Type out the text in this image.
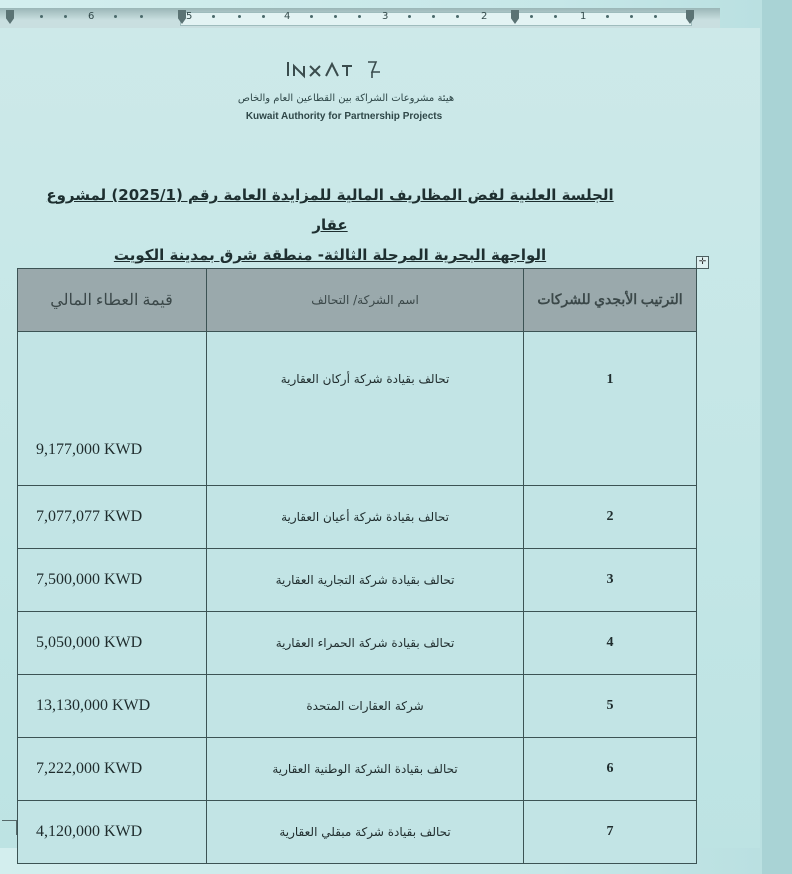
6	5	4	3	2	1
هيئة مشروعات الشراكة بين القطاعين العام والخاص
Kuwait Authority for Partnership Projects
الجلسة العلنية لفض المظاريف المالية للمزايدة العامة رقم (2025/1) لمشروع عقار
الواجهة البحرية المرحلة الثالثة- منطقة شرق بمدينة الكويت	✛
الترتيب الأبجدي للشركات	اسم الشركة/ التحالف	قيمة العطاء المالي
1	تحالف بقيادة شركة أركان العقارية	9,177,000 KWD
2	تحالف بقيادة شركة أعيان العقارية	7,077,077 KWD
3	تحالف بقيادة شركة التجارية العقارية	7,500,000 KWD
4	تحالف بقيادة شركة الحمراء العقارية	5,050,000 KWD
5	شركة العقارات المتحدة	13,130,000 KWD
6	تحالف بقيادة الشركة الوطنية العقارية	7,222,000 KWD
7	تحالف بقيادة شركة مبقلي العقارية	4,120,000 KWD
